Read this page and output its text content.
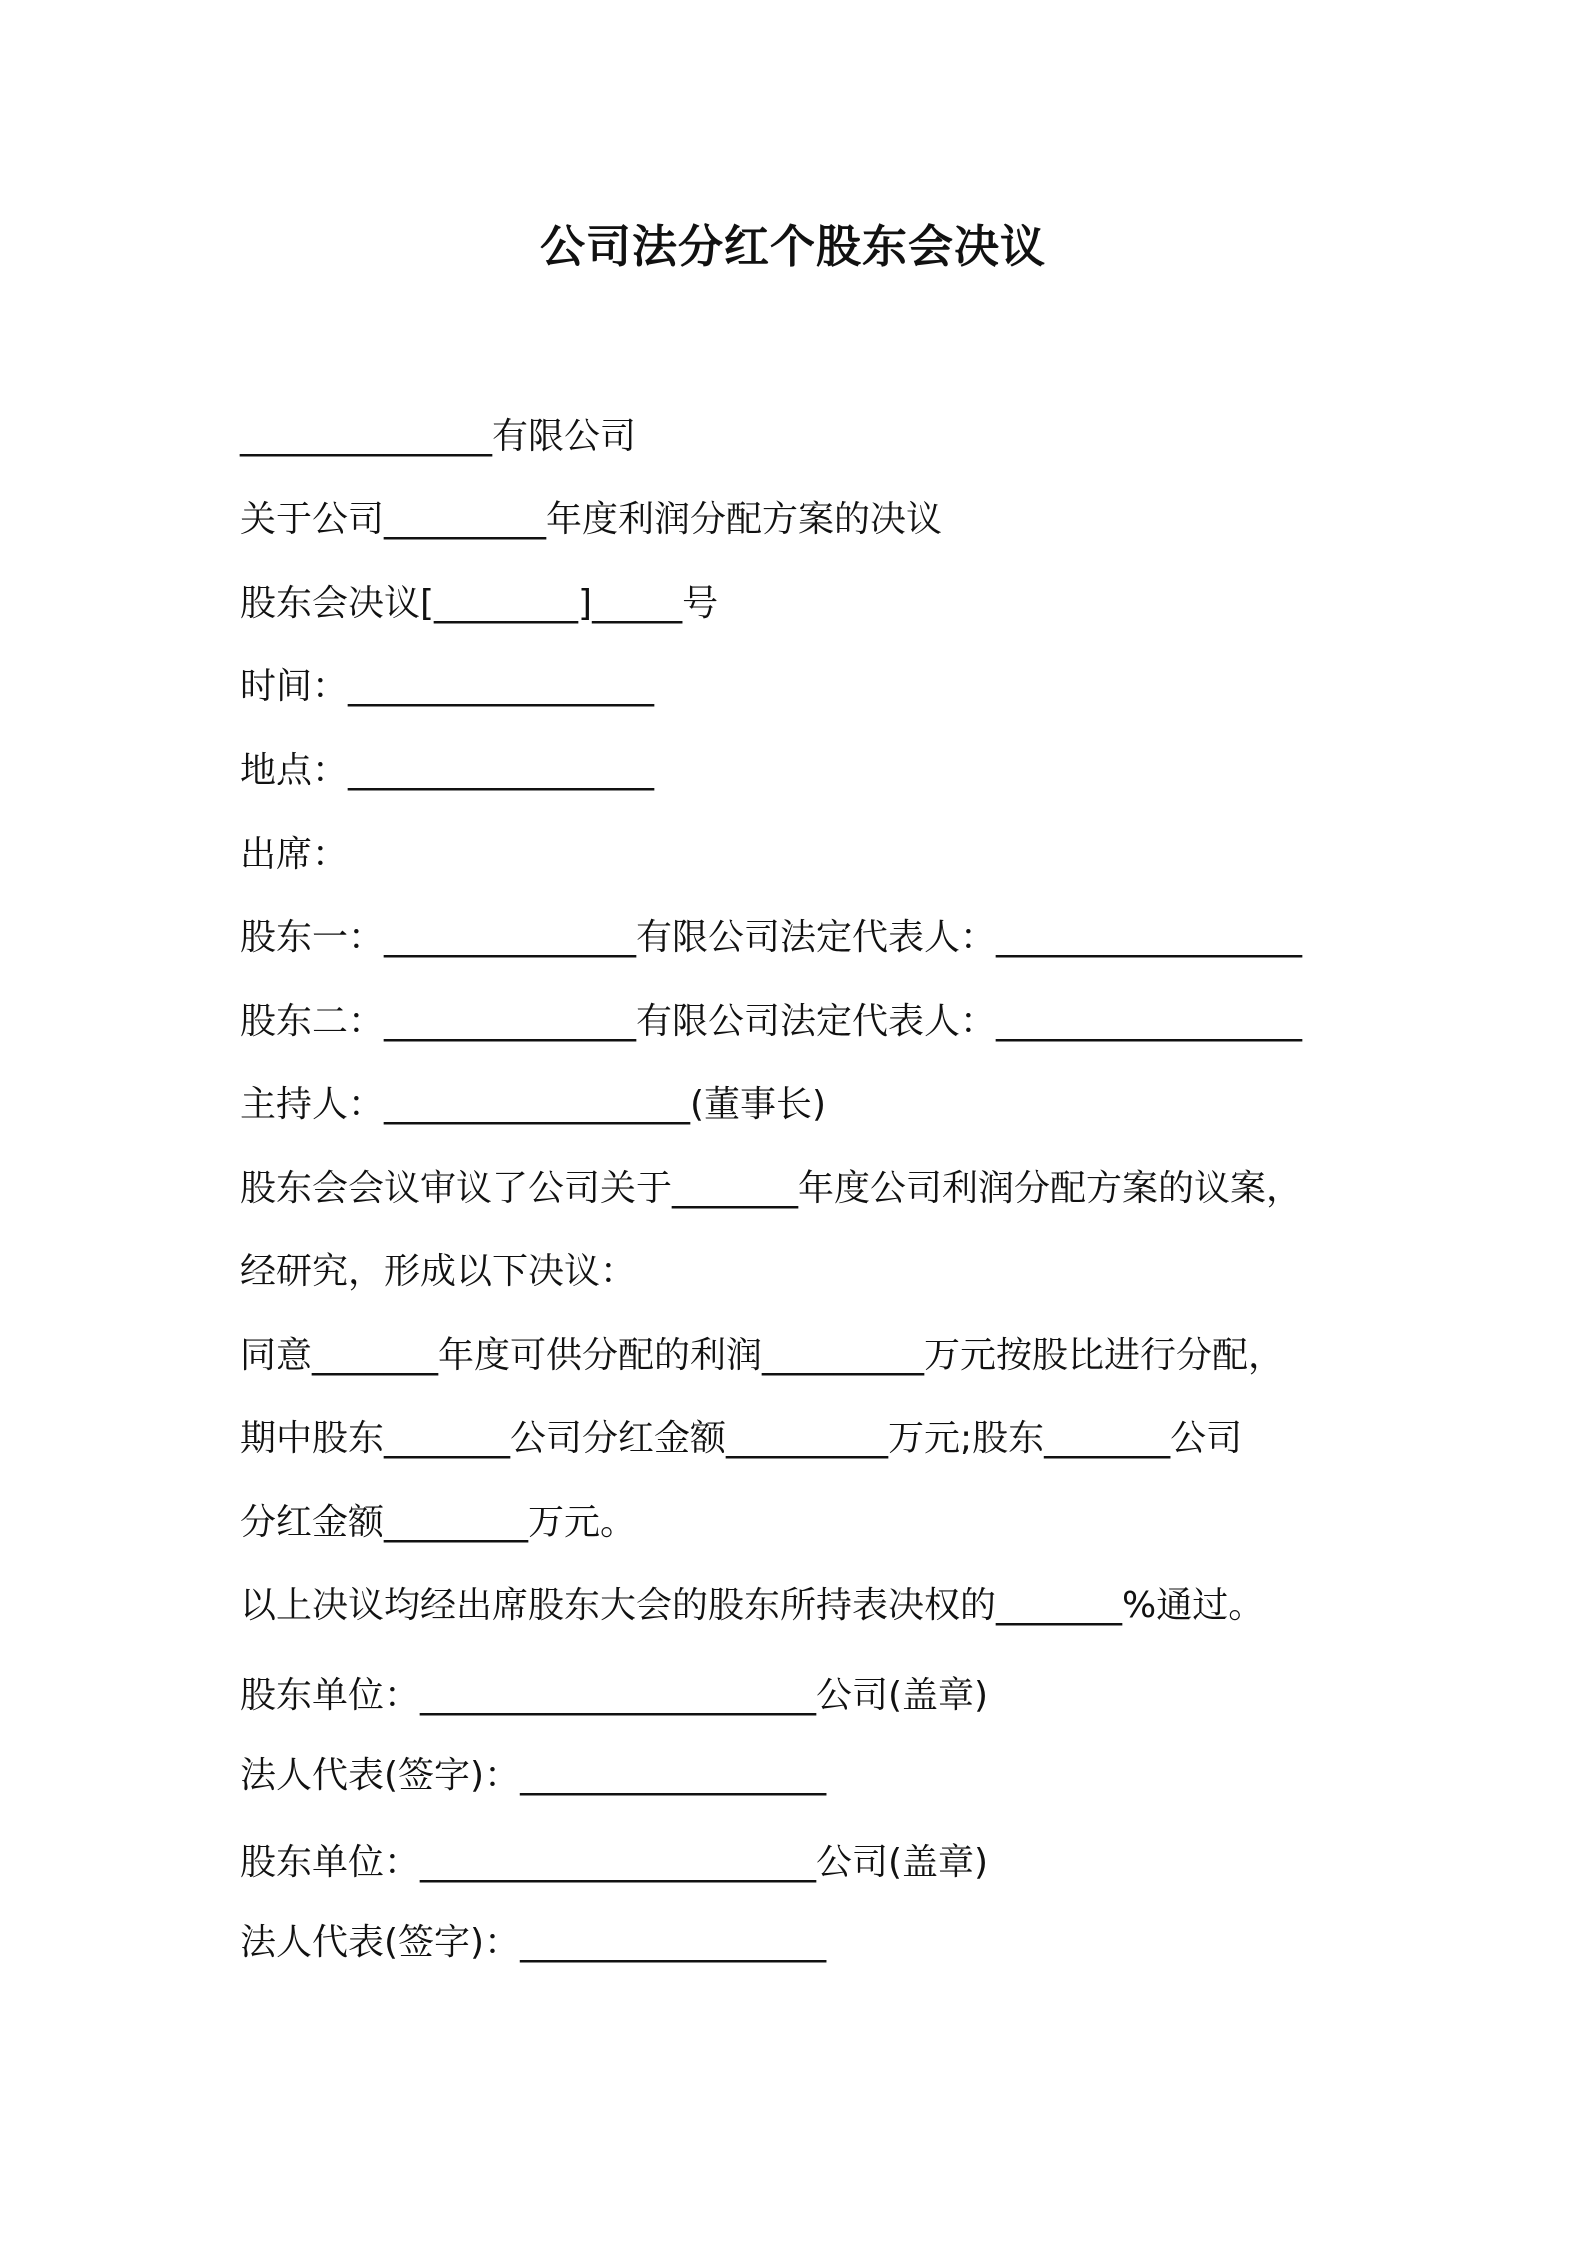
公司法分红个股东会决议
______________有限公司
关于公司_________年度利润分配方案的决议
股东会决议[________]_____号
时间：_________________
地点：_________________
出席：
股东一：______________有限公司法定代表人：_________________
股东二：______________有限公司法定代表人：_________________
主持人：_________________(董事长)
股东会会议审议了公司关于_______年度公司利润分配方案的议案，
经研究，形成以下决议：
同意_______年度可供分配的利润_________万元按股比进行分配，
期中股东_______公司分红金额_________万元;股东_______公司
分红金额________万元。
以上决议均经出席股东大会的股东所持表决权的_______%通过。
股东单位：______________________公司(盖章)
法人代表(签字)：_________________
股东单位：______________________公司(盖章)
法人代表(签字)：_________________
